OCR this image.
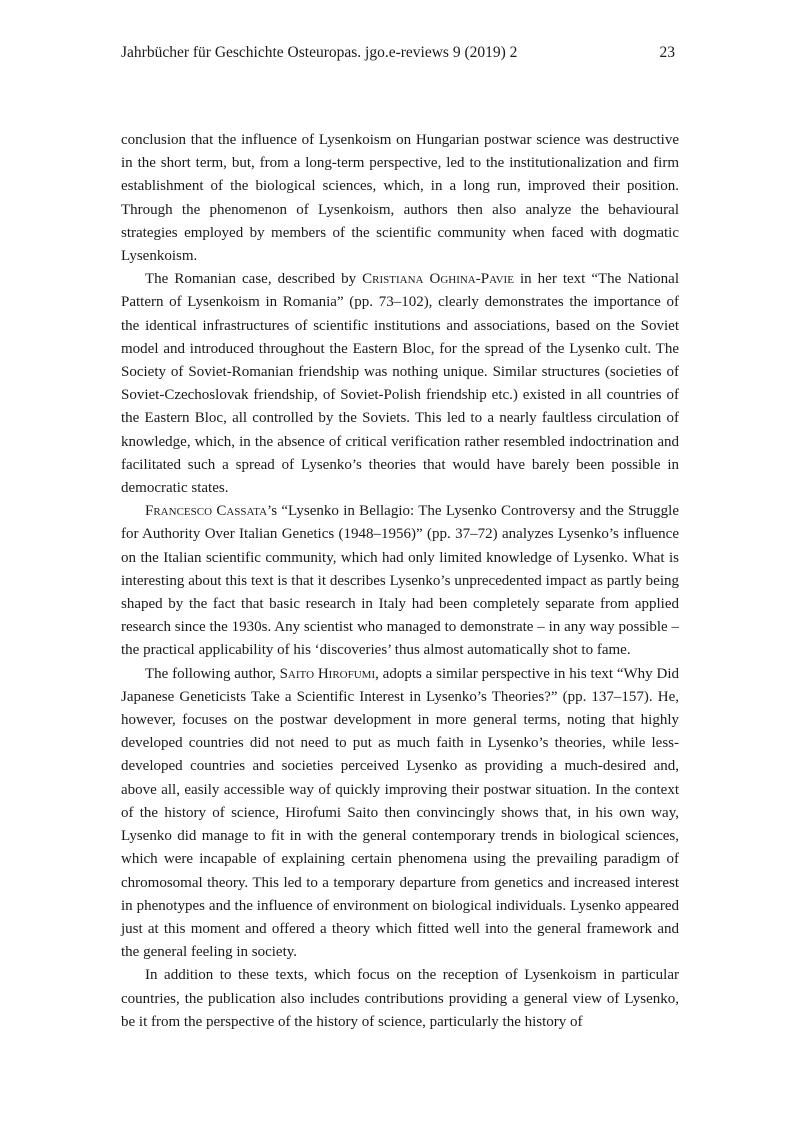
Jahrbücher für Geschichte Osteuropas. jgo.e-reviews 9 (2019) 2	23

conclusion that the influence of Lysenkoism on Hungarian postwar science was destructive in the short term, but, from a long-term perspective, led to the institutionalization and firm establishment of the biological sciences, which, in a long run, improved their position. Through the phenomenon of Lysenkoism, authors then also analyze the behavioural strategies employed by members of the scientific community when faced with dogmatic Lysenkoism.

The Romanian case, described by Cristiana Oghina-Pavie in her text “The National Pattern of Lysenkoism in Romania” (pp. 73–102), clearly demonstrates the importance of the identical infrastructures of scientific institutions and associations, based on the Soviet model and introduced throughout the Eastern Bloc, for the spread of the Lysenko cult. The Society of Soviet-Romanian friendship was nothing unique. Similar structures (societies of Soviet-Czechoslovak friendship, of Soviet-Polish friendship etc.) existed in all countries of the Eastern Bloc, all controlled by the Soviets. This led to a nearly faultless circulation of knowledge, which, in the absence of critical verification rather resembled indoctrination and facilitated such a spread of Lysenko’s theories that would have barely been possible in democratic states.

Francesco Cassata’s “Lysenko in Bellagio: The Lysenko Controversy and the Struggle for Authority Over Italian Genetics (1948–1956)” (pp. 37–72) analyzes Lysenko’s influence on the Italian scientific community, which had only limited knowledge of Lysenko. What is interesting about this text is that it describes Lysenko’s unprecedented impact as partly being shaped by the fact that basic research in Italy had been completely separate from applied research since the 1930s. Any scientist who managed to demonstrate – in any way possible – the practical applicability of his ‘discoveries’ thus almost automatically shot to fame.

The following author, Saito Hirofumi, adopts a similar perspective in his text “Why Did Japanese Geneticists Take a Scientific Interest in Lysenko’s Theories?” (pp. 137–157). He, however, focuses on the postwar development in more general terms, noting that highly developed countries did not need to put as much faith in Lysenko’s theories, while less-developed countries and societies perceived Lysenko as providing a much-desired and, above all, easily accessible way of quickly improving their postwar situation. In the context of the history of science, Hirofumi Saito then convincingly shows that, in his own way, Lysenko did manage to fit in with the general contemporary trends in biological sciences, which were incapable of explaining certain phenomena using the prevailing paradigm of chromosomal theory. This led to a temporary departure from genetics and increased interest in phenotypes and the influence of environment on biological individuals. Lysenko appeared just at this moment and offered a theory which fitted well into the general framework and the general feeling in society.

In addition to these texts, which focus on the reception of Lysenkoism in particular countries, the publication also includes contributions providing a general view of Lysenko, be it from the perspective of the history of science, particularly the history of
